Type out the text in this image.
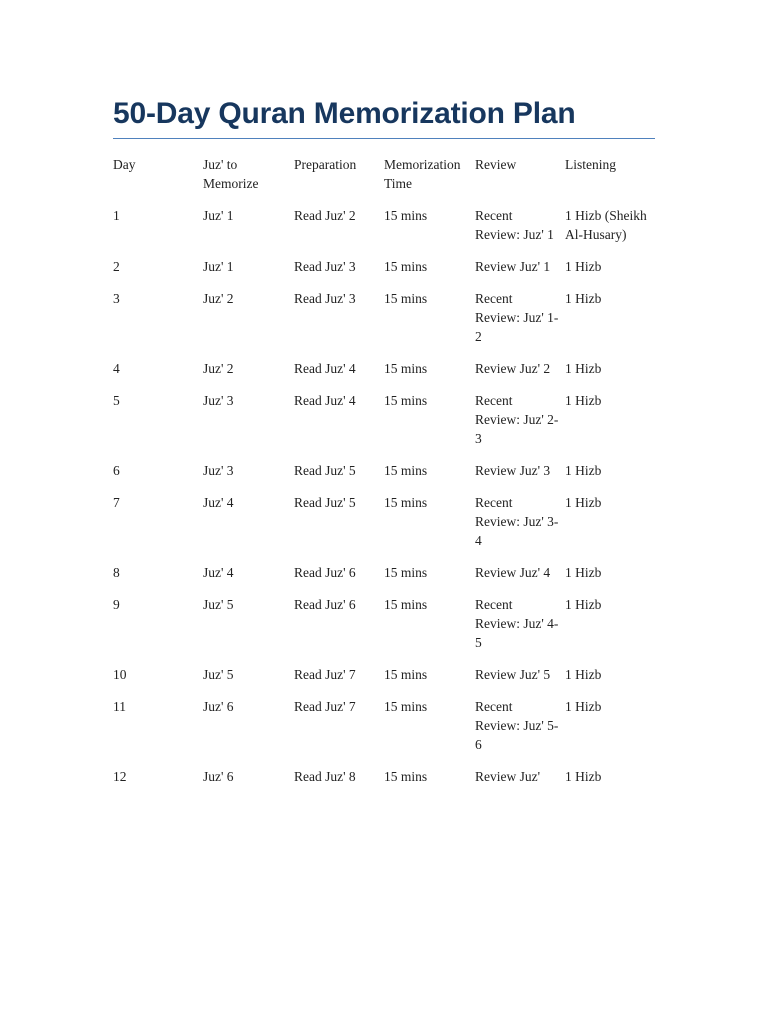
50-Day Quran Memorization Plan
Day	Juz' to Memorize	Preparation	Memorization Time	Review	Listening
1	Juz' 1	Read Juz' 2	15 mins	Recent Review: Juz' 1	1 Hizb (Sheikh Al-Husary)
2	Juz' 1	Read Juz' 3	15 mins	Review Juz' 1	1 Hizb
3	Juz' 2	Read Juz' 3	15 mins	Recent Review: Juz' 1-2	1 Hizb
4	Juz' 2	Read Juz' 4	15 mins	Review Juz' 2	1 Hizb
5	Juz' 3	Read Juz' 4	15 mins	Recent Review: Juz' 2-3	1 Hizb
6	Juz' 3	Read Juz' 5	15 mins	Review Juz' 3	1 Hizb
7	Juz' 4	Read Juz' 5	15 mins	Recent Review: Juz' 3-4	1 Hizb
8	Juz' 4	Read Juz' 6	15 mins	Review Juz' 4	1 Hizb
9	Juz' 5	Read Juz' 6	15 mins	Recent Review: Juz' 4-5	1 Hizb
10	Juz' 5	Read Juz' 7	15 mins	Review Juz' 5	1 Hizb
11	Juz' 6	Read Juz' 7	15 mins	Recent Review: Juz' 5-6	1 Hizb
12	Juz' 6	Read Juz' 8	15 mins	Review Juz'	1 Hizb
